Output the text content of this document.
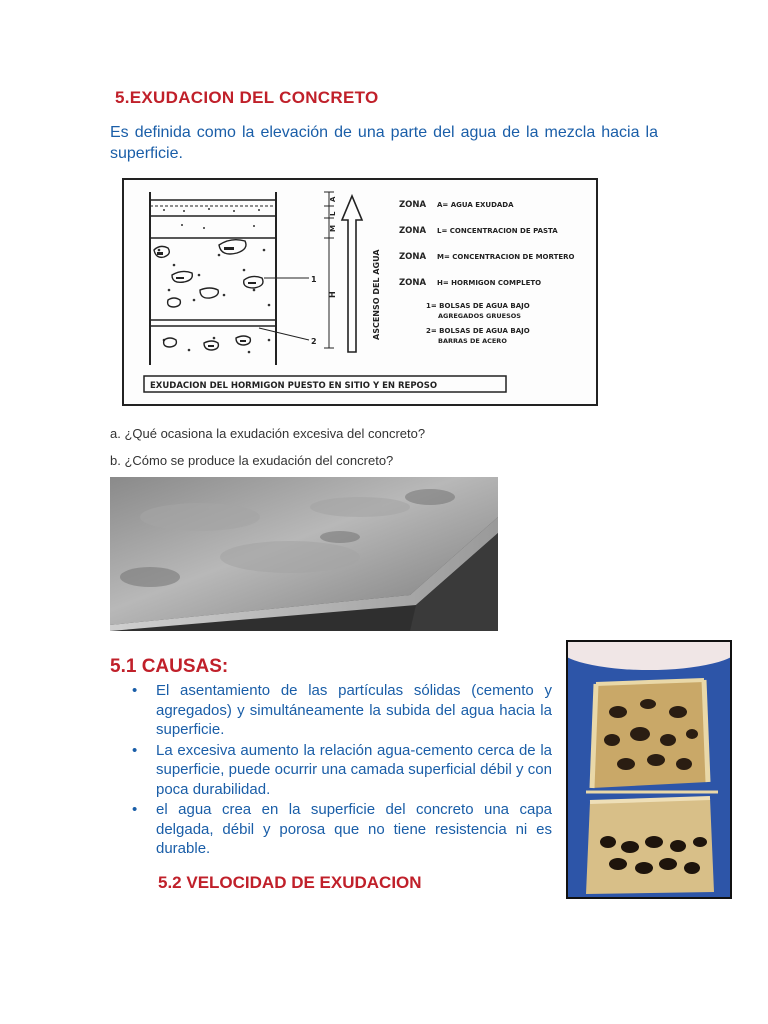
5.EXUDACION DEL CONCRETO
Es definida como la elevación de una parte del agua de la mezcla hacia la superficie.
1
2
A
L
M
H	ASCENSO DEL AGUA
ZONA A= AGUA EXUDADA
ZONA L= CONCENTRACION DE PASTA
ZONA M= CONCENTRACION DE MORTERO
ZONA H= HORMIGON COMPLETO
1= BOLSAS DE AGUA BAJO
AGREGADOS GRUESOS
2= BOLSAS DE AGUA BAJO
BARRAS DE ACERO
EXUDACION DEL HORMIGON PUESTO EN SITIO Y EN REPOSO
a. ¿Qué ocasiona la exudación excesiva del concreto?
b. ¿Cómo se produce la exudación del concreto?
5.1 CAUSAS:
• El asentamiento de las partículas sólidas (cemento y agregados) y simultáneamente la subida del agua hacia la superficie.
• La excesiva aumento la relación agua-cemento cerca de la superficie, puede ocurrir una camada superficial débil y con poca durabilidad.
• el agua crea en la superficie del concreto una capa delgada, débil y porosa que no tiene resistencia ni es durable.
5.2 VELOCIDAD DE EXUDACION
